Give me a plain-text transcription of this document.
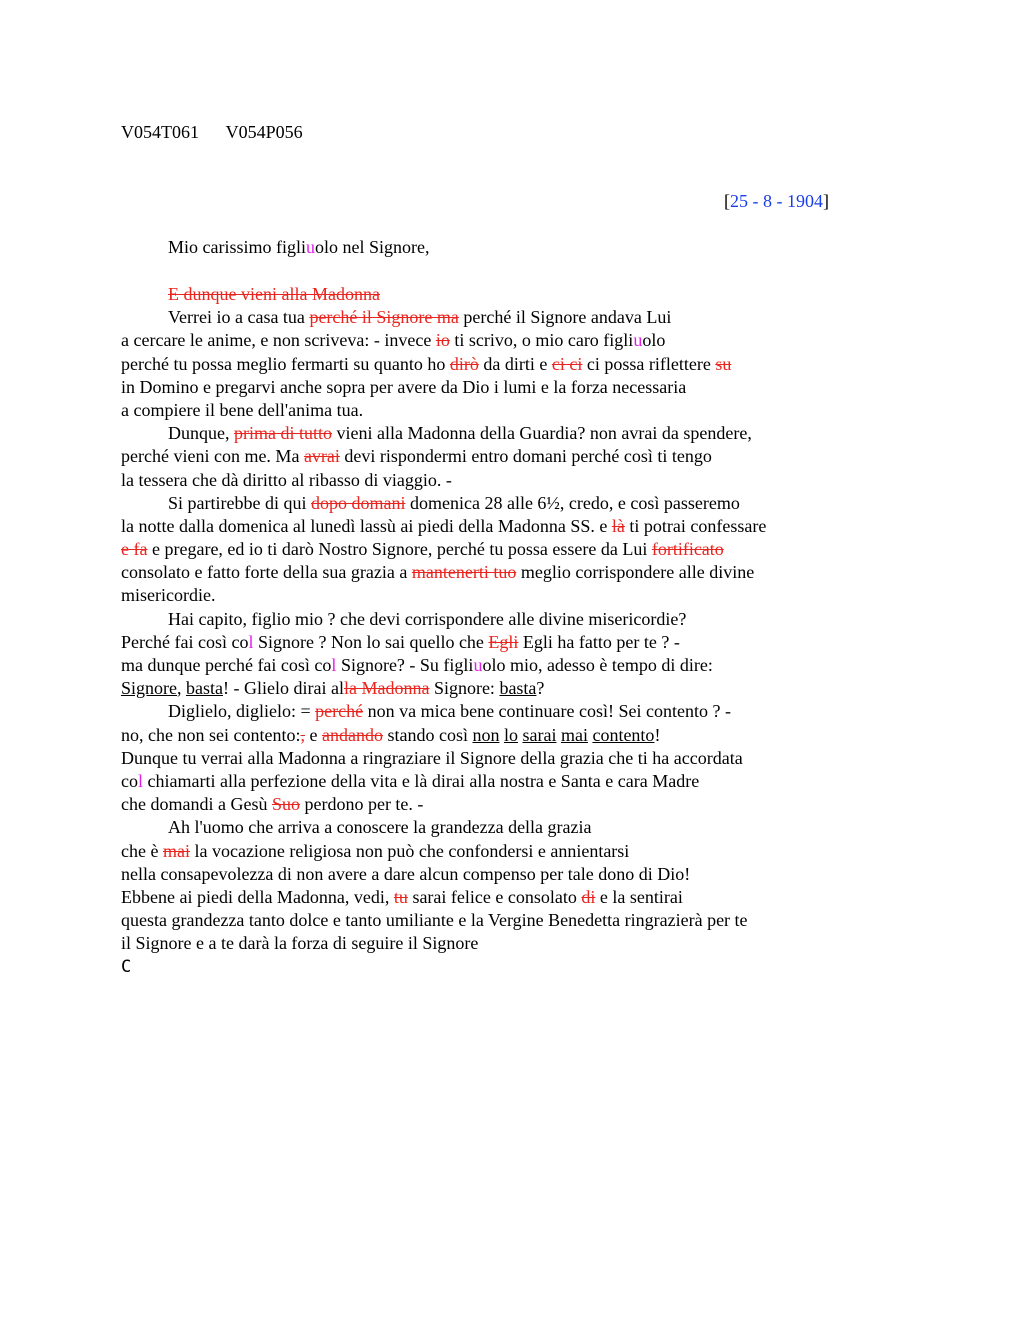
V054T061      V054P056
[25 - 8 - 1904]
Mio carissimo figliuolo nel Signore,
E dunque vieni alla Madonna
Verrei io a casa tua perché il Signore ma perché il Signore andava Lui
a cercare le anime, e non scriveva: - invece io ti scrivo, o mio caro figliuolo
perché tu possa meglio fermarti su quanto ho dirò da dirti e ci ci ci possa riflettere su
in Domino e pregarvi anche sopra per avere da Dio i lumi e la forza necessaria
a compiere il bene dell'anima tua.
Dunque, prima di tutto vieni alla Madonna della Guardia? non avrai da spendere,
perché vieni con me. Ma avrai devi rispondermi entro domani perché così ti tengo
la tessera che dà diritto al ribasso di viaggio. -
Si partirebbe di qui dopo domani domenica 28 alle 6½, credo, e così passeremo
la notte dalla domenica al lunedì lassù ai piedi della Madonna SS. e là ti potrai confessare
e fa e pregare, ed io ti darò Nostro Signore, perché tu possa essere da Lui fortificato
consolato e fatto forte della sua grazia a mantenerti tuo meglio corrispondere alle divine
misericordie.
Hai capito, figlio mio ? che devi corrispondere alle divine misericordie?
Perché fai così col Signore ? Non lo sai quello che Egli Egli ha fatto per te ? -
ma dunque perché fai così col Signore? - Su figliuolo mio, adesso è tempo di dire:
Signore, basta! - Glielo dirai alla Madonna Signore: basta?
Diglielo, diglielo: = perché non va mica bene continuare così! Sei contento ? -
no, che non sei contento:, e andando stando così non lo sarai mai contento!
Dunque tu verrai alla Madonna a ringraziare il Signore della grazia che ti ha accordata
col chiamarti alla perfezione della vita e là dirai alla nostra e Santa e cara Madre
che domandi a Gesù Suo perdono per te. -
Ah l'uomo che arriva a conoscere la grandezza della grazia
che è mai la vocazione religiosa non può che confondersi e annientarsi
nella consapevolezza di non avere a dare alcun compenso per tale dono di Dio!
Ebbene ai piedi della Madonna, vedi, tu sarai felice e consolato di e la sentirai
questa grandezza tanto dolce e tanto umiliante e la Vergine Benedetta ringrazierà per te
il Signore e a te darà la forza di seguire il Signore
C
